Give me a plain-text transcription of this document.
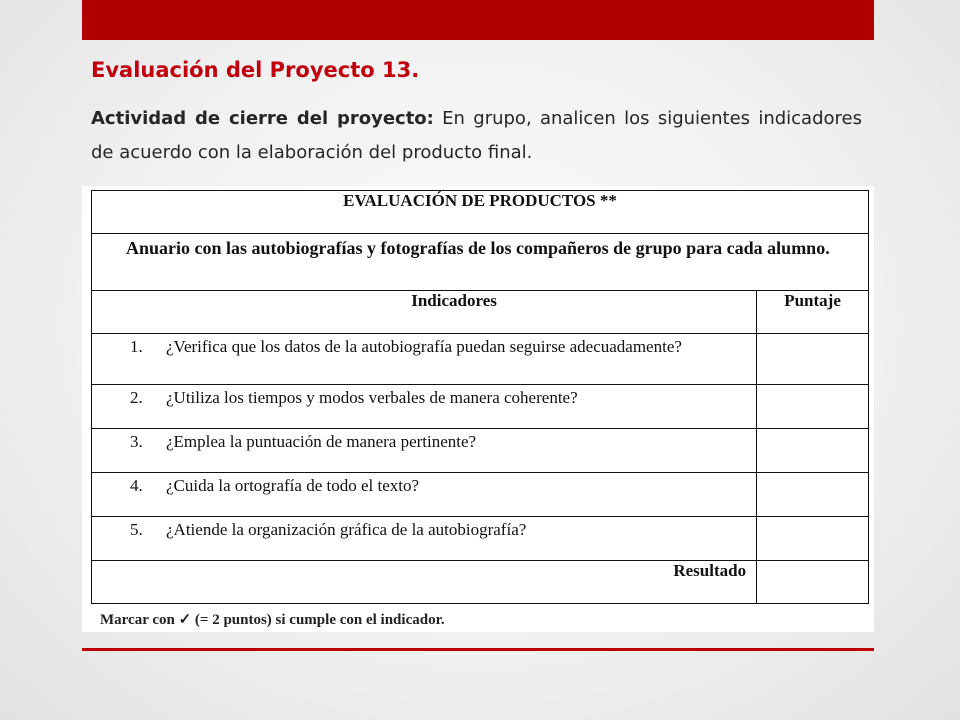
Evaluación del Proyecto 13.

Actividad de cierre del proyecto: En grupo, analicen los siguientes indicadores de acuerdo con la elaboración del producto final.

EVALUACIÓN DE PRODUCTOS **	

Anuario con las autobiografías y fotografías de los compañeros de grupo para cada alumno.	

Indicadores	Puntaje

1. ¿Verifica que los datos de la autobiografía puedan seguirse adecuadamente?	

2. ¿Utiliza los tiempos y modos verbales de manera coherente?	

3. ¿Emplea la puntuación de manera pertinente?	

4. ¿Cuida la ortografía de todo el texto?	

5. ¿Atiende la organización gráfica de la autobiografía?	

Resultado	
Marcar con ✓ (= 2 puntos) si cumple con el indicador.
